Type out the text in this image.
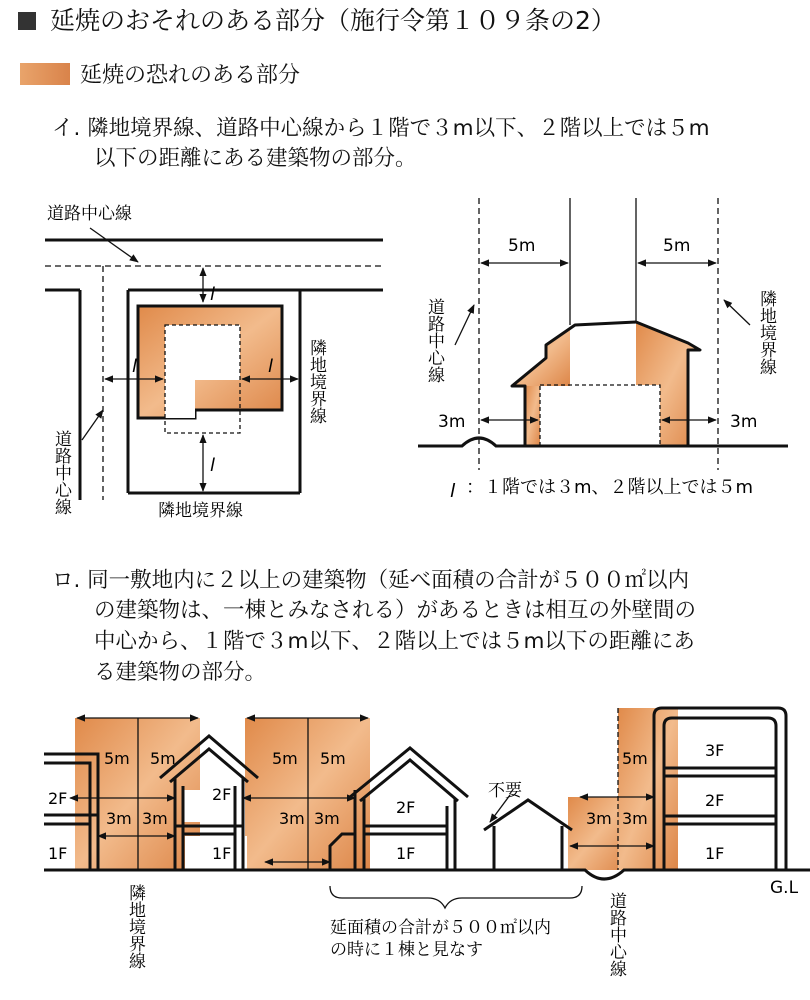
延焼のおそれのある部分（施行令第１０９条の2）
延焼の恐れのある部分
イ. 隣地境界線、道路中心線から１階で３m以下、２階以上では５m
以下の距離にある建築物の部分。
ロ. 同一敷地内に２以上の建築物（延べ面積の合計が５００㎡以内
の建築物は、一棟とみなされる）があるときは相互の外壁間の
中心から、１階で３m以下、２階以上では５m以下の距離にあ
る建築物の部分。
道路中心線
l
l	l
l
隣地境界線
隣地境界線
道路中心線
5m	5m
3m	3m
道路中心線	隣地境界線
l ：１階では３m、２階以上では５m
5m 5m	5m 5m	5m
3m 3m	3m 3m	3m 3m
2F	2F
2F	2F
3F
1F	1F	1F	1F
不要
G.L
隣地境界線	道路中心線
延面積の合計が５００㎡以内
の時に１棟と見なす
